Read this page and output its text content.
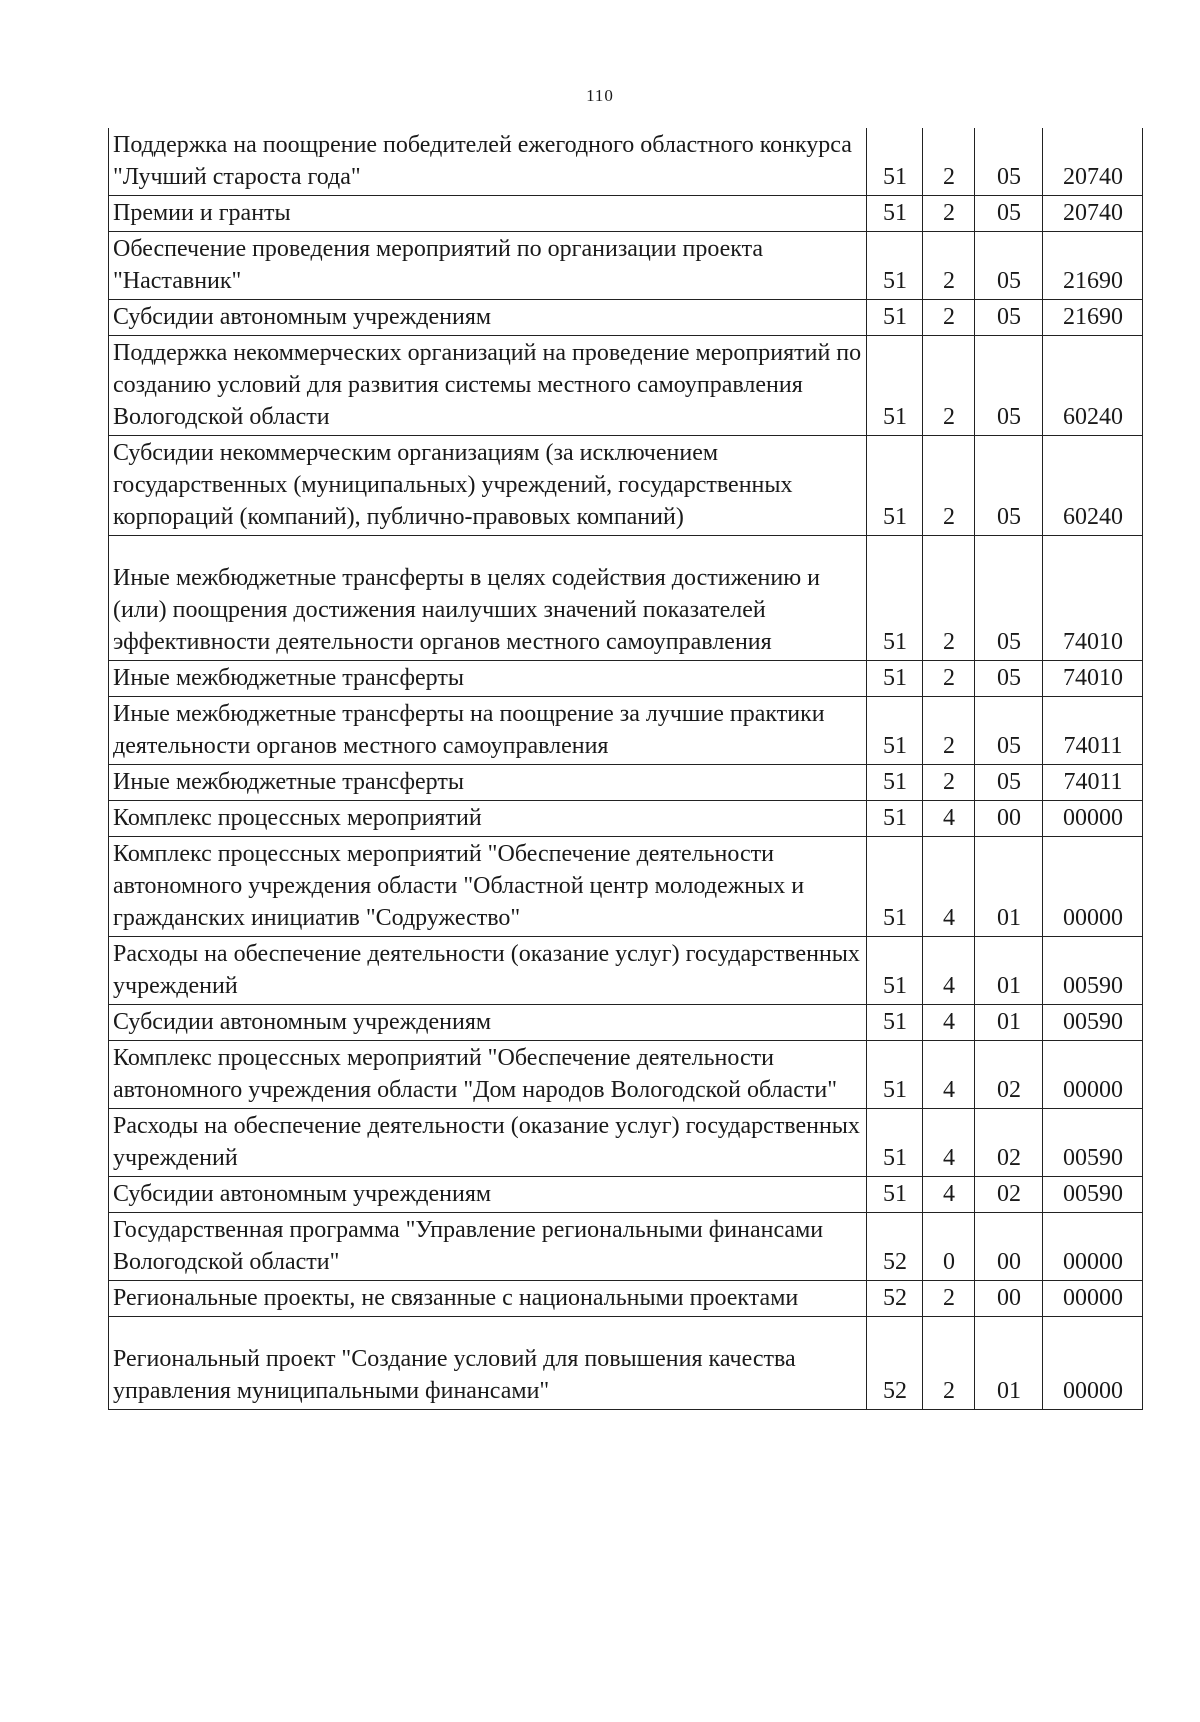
110
Поддержка на поощрение победителей ежегодного областного конкурса "Лучший староста года"	51	2	05	20740
Премии и гранты	51	2	05	20740
Обеспечение проведения мероприятий по организации проекта "Наставник"	51	2	05	21690
Субсидии автономным учреждениям	51	2	05	21690
Поддержка некоммерческих организаций на проведение мероприятий по созданию условий для развития системы местного самоуправления Вологодской области	51	2	05	60240
Субсидии некоммерческим организациям (за исключением государственных (муниципальных) учреждений, государственных корпораций (компаний), публично-правовых компаний)	51	2	05	60240
Иные межбюджетные трансферты в целях содействия достижению и (или) поощрения достижения наилучших значений показателей эффективности деятельности органов местного самоуправления	51	2	05	74010
Иные межбюджетные трансферты	51	2	05	74010
Иные межбюджетные трансферты на поощрение за лучшие практики деятельности органов местного самоуправления	51	2	05	74011
Иные межбюджетные трансферты	51	2	05	74011
Комплекс процессных мероприятий	51	4	00	00000
Комплекс процессных мероприятий "Обеспечение деятельности автономного учреждения области "Областной центр молодежных и гражданских инициатив "Содружество"	51	4	01	00000
Расходы на обеспечение деятельности (оказание услуг) государственных учреждений	51	4	01	00590
Субсидии автономным учреждениям	51	4	01	00590
Комплекс процессных мероприятий "Обеспечение деятельности автономного учреждения области "Дом народов Вологодской области"	51	4	02	00000
Расходы на обеспечение деятельности (оказание услуг) государственных учреждений	51	4	02	00590
Субсидии автономным учреждениям	51	4	02	00590
Государственная программа "Управление региональными финансами Вологодской области"	52	0	00	00000
Региональные проекты, не связанные с национальными проектами	52	2	00	00000
Региональный проект "Создание условий для повышения качества управления муниципальными финансами"	52	2	01	00000
